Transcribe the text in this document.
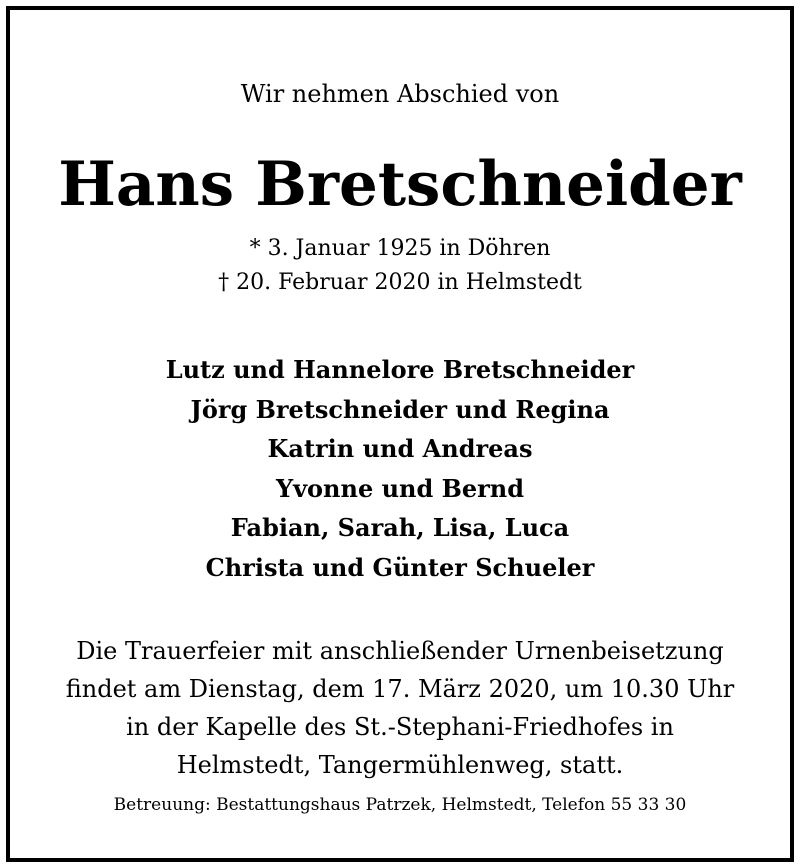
Wir nehmen Abschied von
Hans Bretschneider
* 3. Januar 1925 in Döhren
† 20. Februar 2020 in Helmstedt
Lutz und Hannelore Bretschneider
Jörg Bretschneider und Regina
Katrin und Andreas
Yvonne und Bernd
Fabian, Sarah, Lisa, Luca
Christa und Günter Schueler
Die Trauerfeier mit anschließender Urnenbeisetzung
findet am Dienstag, dem 17. März 2020, um 10.30 Uhr
in der Kapelle des St.-Stephani-Friedhofes in
Helmstedt, Tangermühlenweg, statt.
Betreuung: Bestattungshaus Patrzek, Helmstedt, Telefon 55 33 30
